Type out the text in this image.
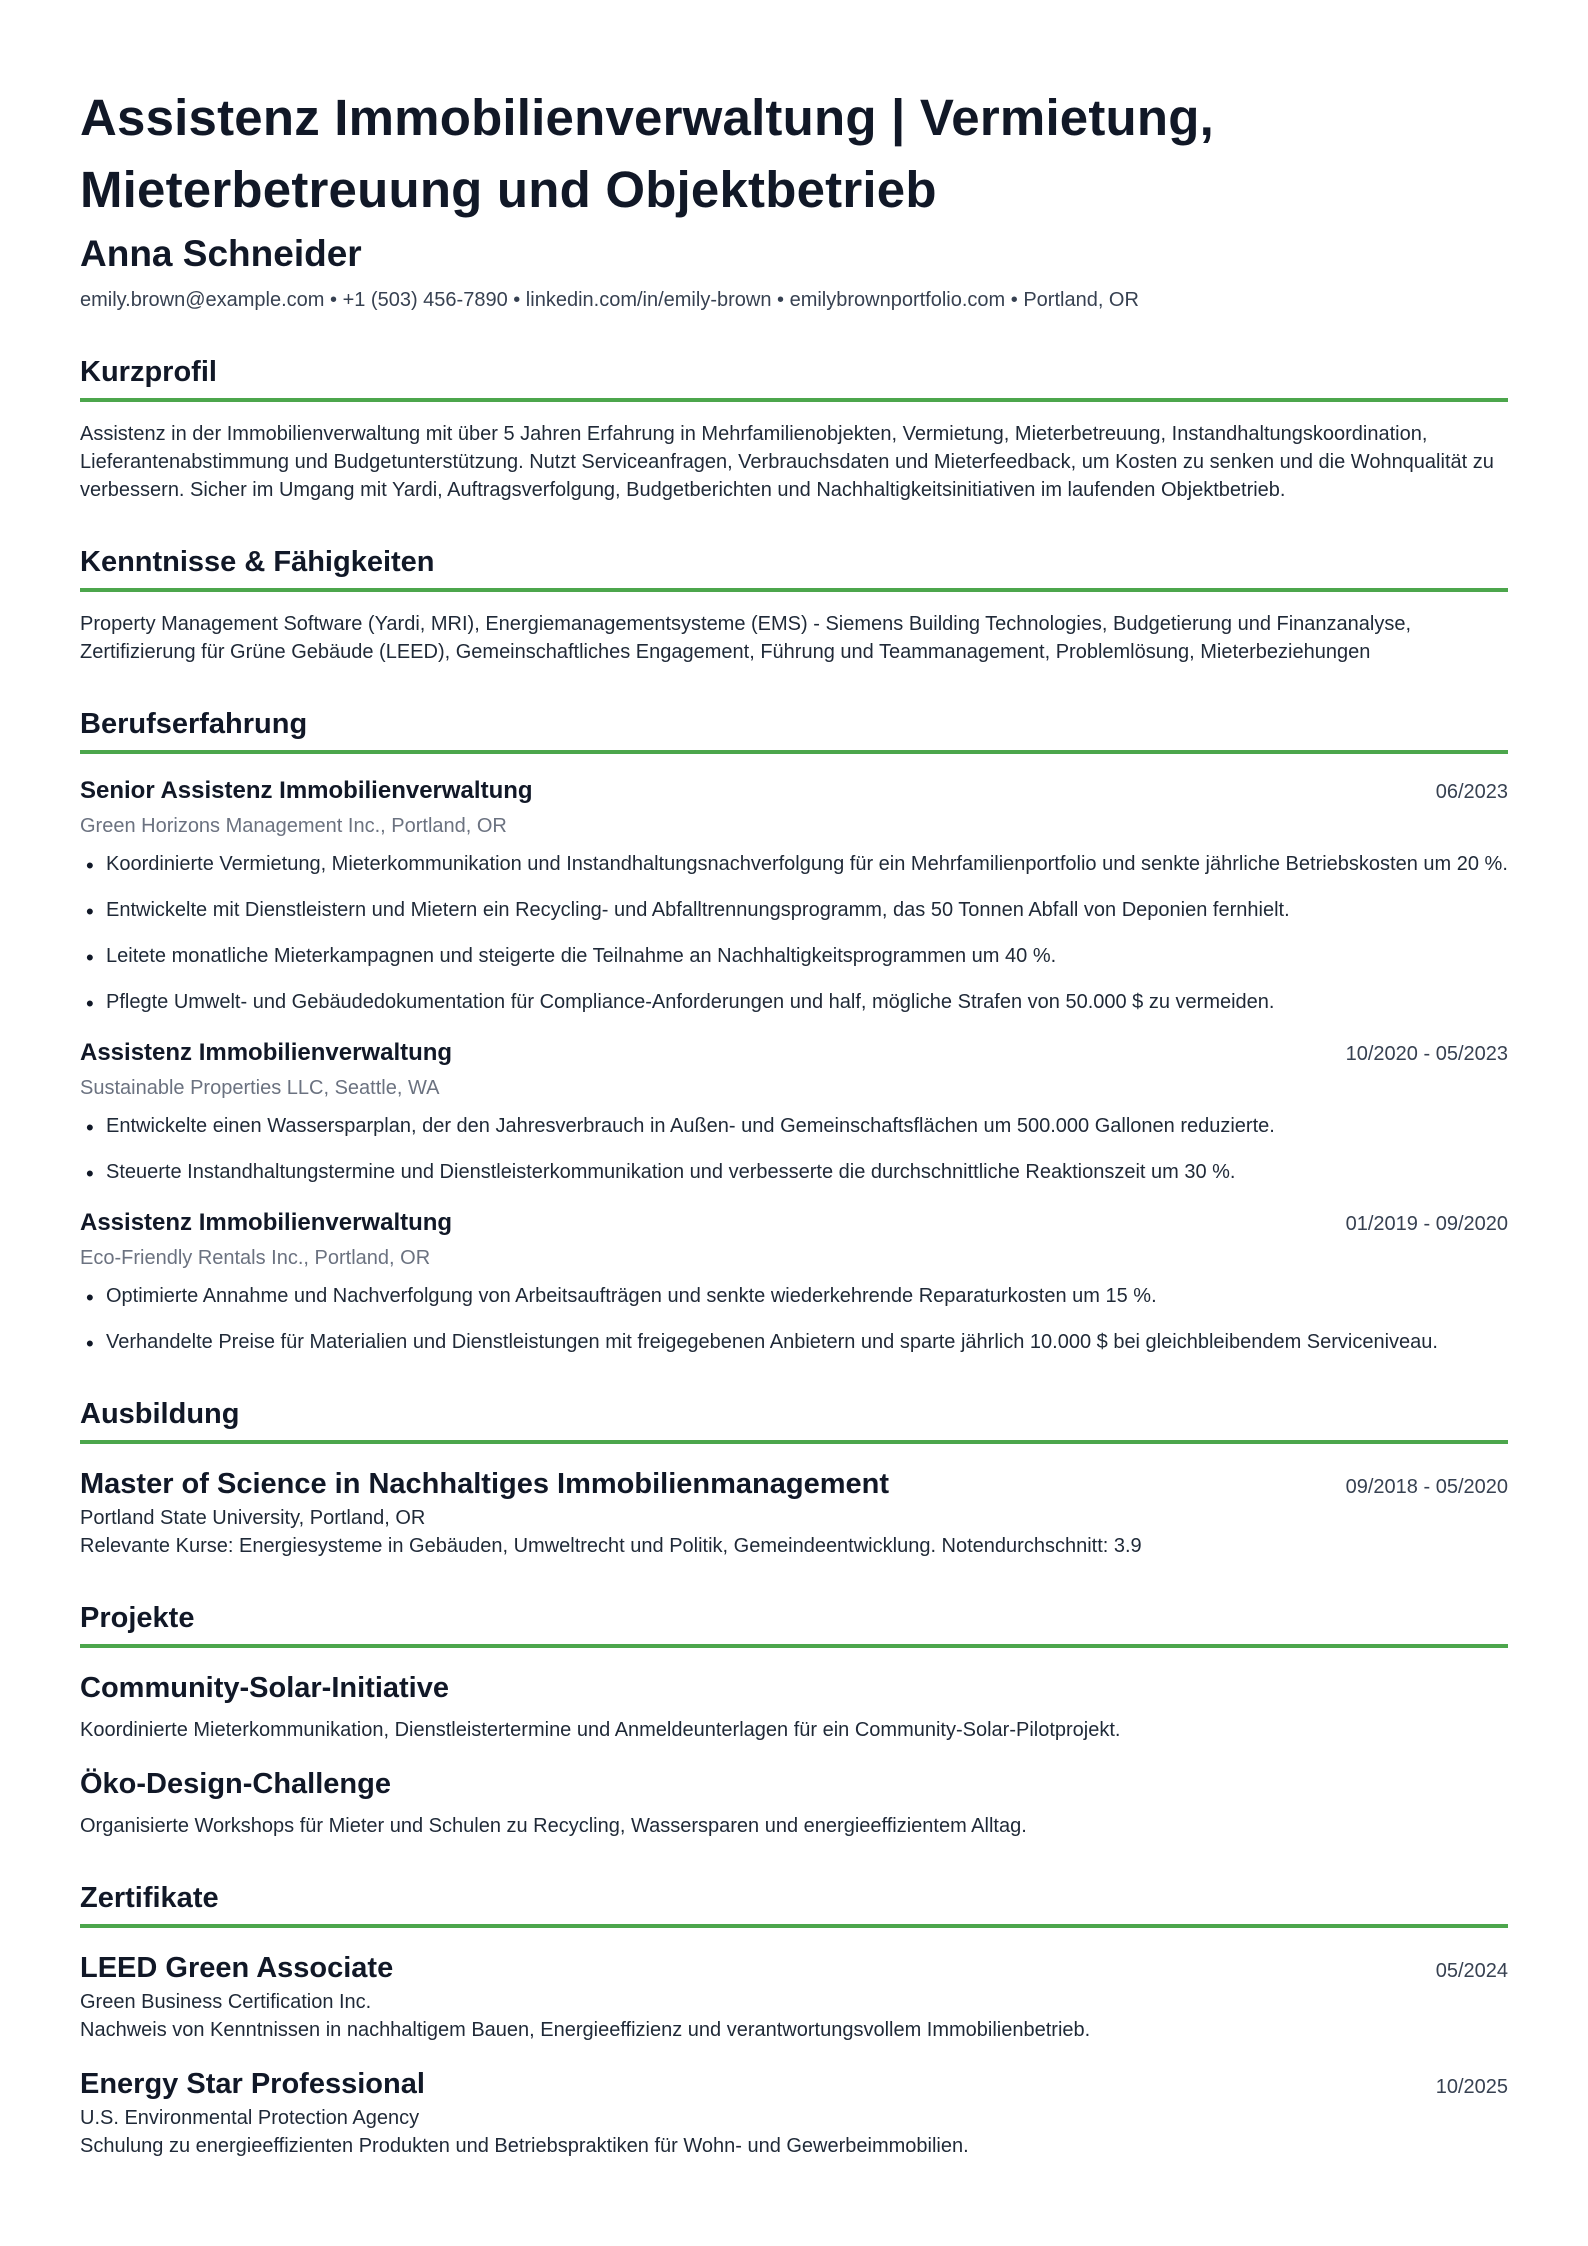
Assistenz Immobilienverwaltung | Vermietung,
Mieterbetreuung und Objektbetrieb
Anna Schneider
emily.brown@example.com • +1 (503) 456-7890 • linkedin.com/in/emily-brown • emilybrownportfolio.com • Portland, OR
Kurzprofil
Assistenz in der Immobilienverwaltung mit über 5 Jahren Erfahrung in Mehrfamilienobjekten, Vermietung, Mieterbetreuung, Instandhaltungskoordination, Lieferantenabstimmung und Budgetunterstützung. Nutzt Serviceanfragen, Verbrauchsdaten und Mieterfeedback, um Kosten zu senken und die Wohnqualität zu verbessern. Sicher im Umgang mit Yardi, Auftragsverfolgung, Budgetberichten und Nachhaltigkeitsinitiativen im laufenden Objektbetrieb.
Kenntnisse & Fähigkeiten
Property Management Software (Yardi, MRI), Energiemanagementsysteme (EMS) - Siemens Building Technologies, Budgetierung und Finanzanalyse, Zertifizierung für Grüne Gebäude (LEED), Gemeinschaftliches Engagement, Führung und Teammanagement, Problemlösung, Mieterbeziehungen
Berufserfahrung
Senior Assistenz Immobilienverwaltung	06/2023
Green Horizons Management Inc., Portland, OR
• Koordinierte Vermietung, Mieterkommunikation und Instandhaltungsnachverfolgung für ein Mehrfamilienportfolio und senkte jährliche Betriebskosten um 20 %.
• Entwickelte mit Dienstleistern und Mietern ein Recycling- und Abfalltrennungsprogramm, das 50 Tonnen Abfall von Deponien fernhielt.
• Leitete monatliche Mieterkampagnen und steigerte die Teilnahme an Nachhaltigkeitsprogrammen um 40 %.
• Pflegte Umwelt- und Gebäudedokumentation für Compliance-Anforderungen und half, mögliche Strafen von 50.000 $ zu vermeiden.
Assistenz Immobilienverwaltung	10/2020 - 05/2023
Sustainable Properties LLC, Seattle, WA
• Entwickelte einen Wassersparplan, der den Jahresverbrauch in Außen- und Gemeinschaftsflächen um 500.000 Gallonen reduzierte.
• Steuerte Instandhaltungstermine und Dienstleisterkommunikation und verbesserte die durchschnittliche Reaktionszeit um 30 %.
Assistenz Immobilienverwaltung	01/2019 - 09/2020
Eco-Friendly Rentals Inc., Portland, OR
• Optimierte Annahme und Nachverfolgung von Arbeitsaufträgen und senkte wiederkehrende Reparaturkosten um 15 %.
• Verhandelte Preise für Materialien und Dienstleistungen mit freigegebenen Anbietern und sparte jährlich 10.000 $ bei gleichbleibendem Serviceniveau.
Ausbildung
Master of Science in Nachhaltiges Immobilienmanagement	09/2018 - 05/2020
Portland State University, Portland, OR
Relevante Kurse: Energiesysteme in Gebäuden, Umweltrecht und Politik, Gemeindeentwicklung. Notendurchschnitt: 3.9
Projekte
Community-Solar-Initiative
Koordinierte Mieterkommunikation, Dienstleistertermine und Anmeldeunterlagen für ein Community-Solar-Pilotprojekt.
Öko-Design-Challenge
Organisierte Workshops für Mieter und Schulen zu Recycling, Wassersparen und energieeffizientem Alltag.
Zertifikate
LEED Green Associate	05/2024
Green Business Certification Inc.
Nachweis von Kenntnissen in nachhaltigem Bauen, Energieeffizienz und verantwortungsvollem Immobilienbetrieb.
Energy Star Professional	10/2025
U.S. Environmental Protection Agency
Schulung zu energieeffizienten Produkten und Betriebspraktiken für Wohn- und Gewerbeimmobilien.
